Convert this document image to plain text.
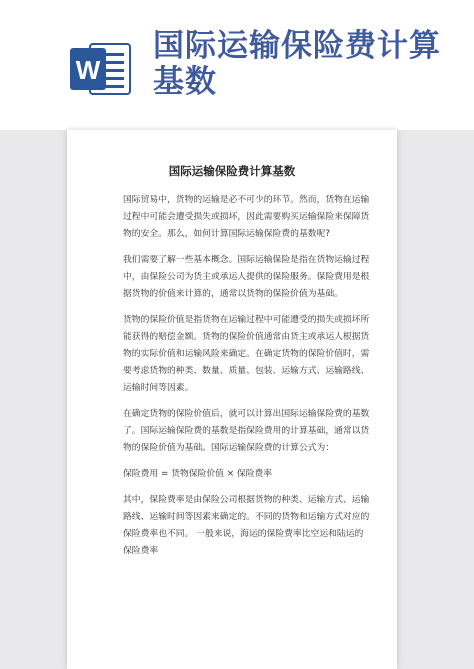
W
国际运输保险费计算基数
国际运输保险费计算基数

国际贸易中，货物的运输是必不可少的环节。然而，货物在运输过程中可能会遭受损失或损坏，因此需要购买运输保险来保障货物的安全。那么，如何计算国际运输保险费的基数呢?

我们需要了解一些基本概念。国际运输保险是指在货物运输过程中，由保险公司为货主或承运人提供的保险服务。保险费用是根据货物的价值来计算的，通常以货物的保险价值为基础。

货物的保险价值是指货物在运输过程中可能遭受的损失或损坏所能获得的赔偿金额。货物的保险价值通常由货主或承运人根据货物的实际价值和运输风险来确定。在确定货物的保险价值时，需要考虑货物的种类、数量、质量、包装、运输方式、运输路线、运输时间等因素。

在确定货物的保险价值后，就可以计算出国际运输保险费的基数了。国际运输保险费的基数是指保险费用的计算基础，通常以货物的保险价值为基础。国际运输保险费的计算公式为：

保险费用 = 货物保险价值 × 保险费率

其中，保险费率是由保险公司根据货物的种类、运输方式、运输路线、运输时间等因素来确定的。不同的货物和运输方式对应的保险费率也不同。 一般来说，海运的保险费率比空运和陆运的保险费率
